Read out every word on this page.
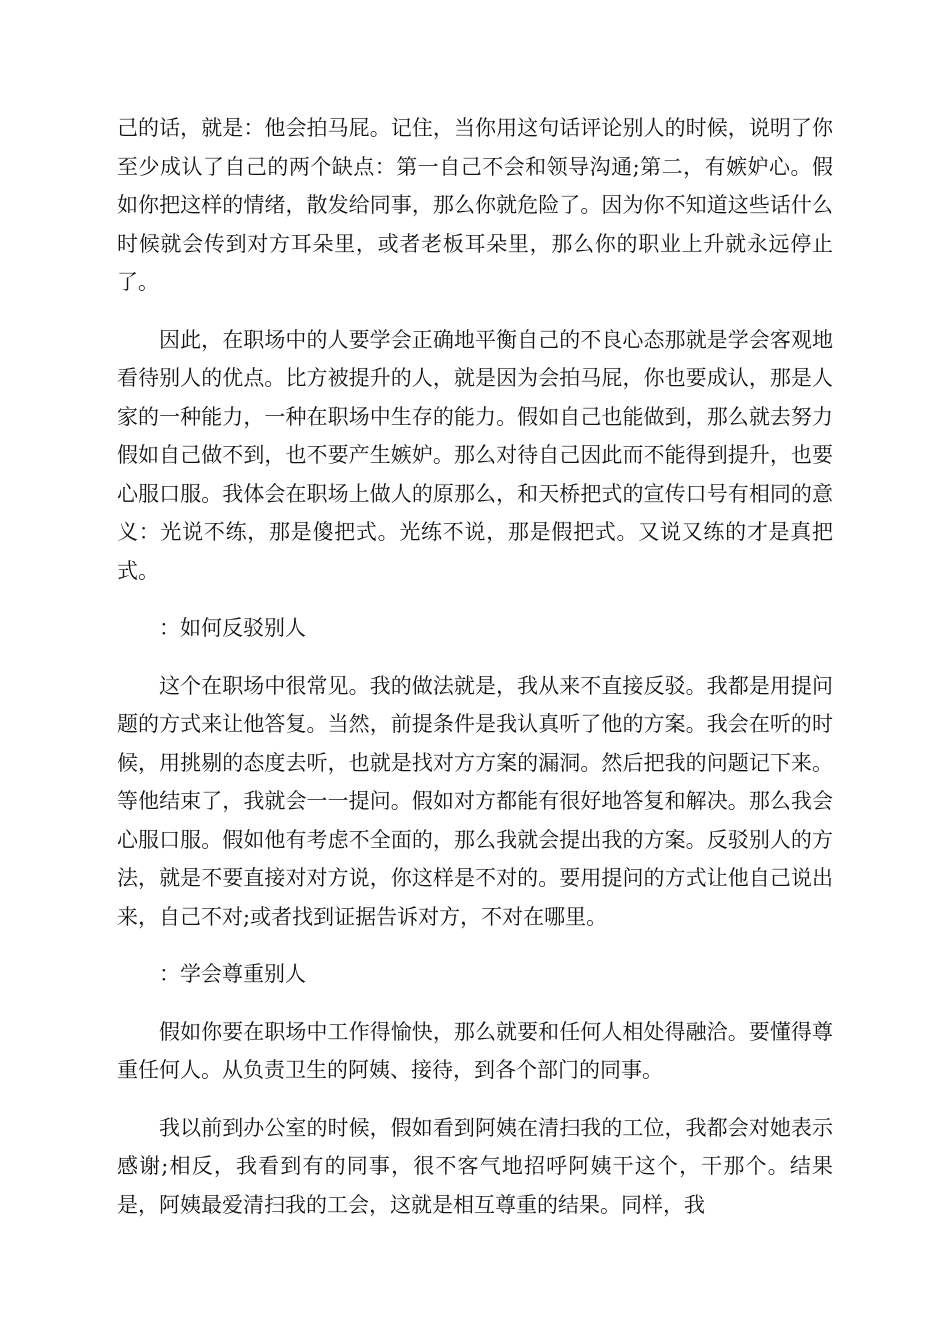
己的话，就是：他会拍马屁。记住，当你用这句话评论别人的时候，说明了你至少成认了自己的两个缺点：第一自己不会和领导沟通;第二，有嫉妒心。假如你把这样的情绪，散发给同事，那么你就危险了。因为你不知道这些话什么时候就会传到对方耳朵里，或者老板耳朵里，那么你的职业上升就永远停止了。

因此，在职场中的人要学会正确地平衡自己的不良心态那就是学会客观地看待别人的优点。比方被提升的人，就是因为会拍马屁，你也要成认，那是人家的一种能力，一种在职场中生存的能力。假如自己也能做到，那么就去努力假如自己做不到，也不要产生嫉妒。那么对待自己因此而不能得到提升，也要心服口服。我体会在职场上做人的原那么，和天桥把式的宣传口号有相同的意义：光说不练，那是傻把式。光练不说，那是假把式。又说又练的才是真把式。

：如何反驳别人

这个在职场中很常见。我的做法就是，我从来不直接反驳。我都是用提问题的方式来让他答复。当然，前提条件是我认真听了他的方案。我会在听的时候，用挑剔的态度去听，也就是找对方方案的漏洞。然后把我的问题记下来。等他结束了，我就会一一提问。假如对方都能有很好地答复和解决。那么我会心服口服。假如他有考虑不全面的，那么我就会提出我的方案。反驳别人的方法，就是不要直接对对方说，你这样是不对的。要用提问的方式让他自己说出来，自己不对;或者找到证据告诉对方，不对在哪里。

：学会尊重别人

假如你要在职场中工作得愉快，那么就要和任何人相处得融洽。要懂得尊重任何人。从负责卫生的阿姨、接待，到各个部门的同事。

我以前到办公室的时候，假如看到阿姨在清扫我的工位，我都会对她表示感谢;相反，我看到有的同事，很不客气地招呼阿姨干这个，干那个。结果是，阿姨最爱清扫我的工会，这就是相互尊重的结果。同样，我
